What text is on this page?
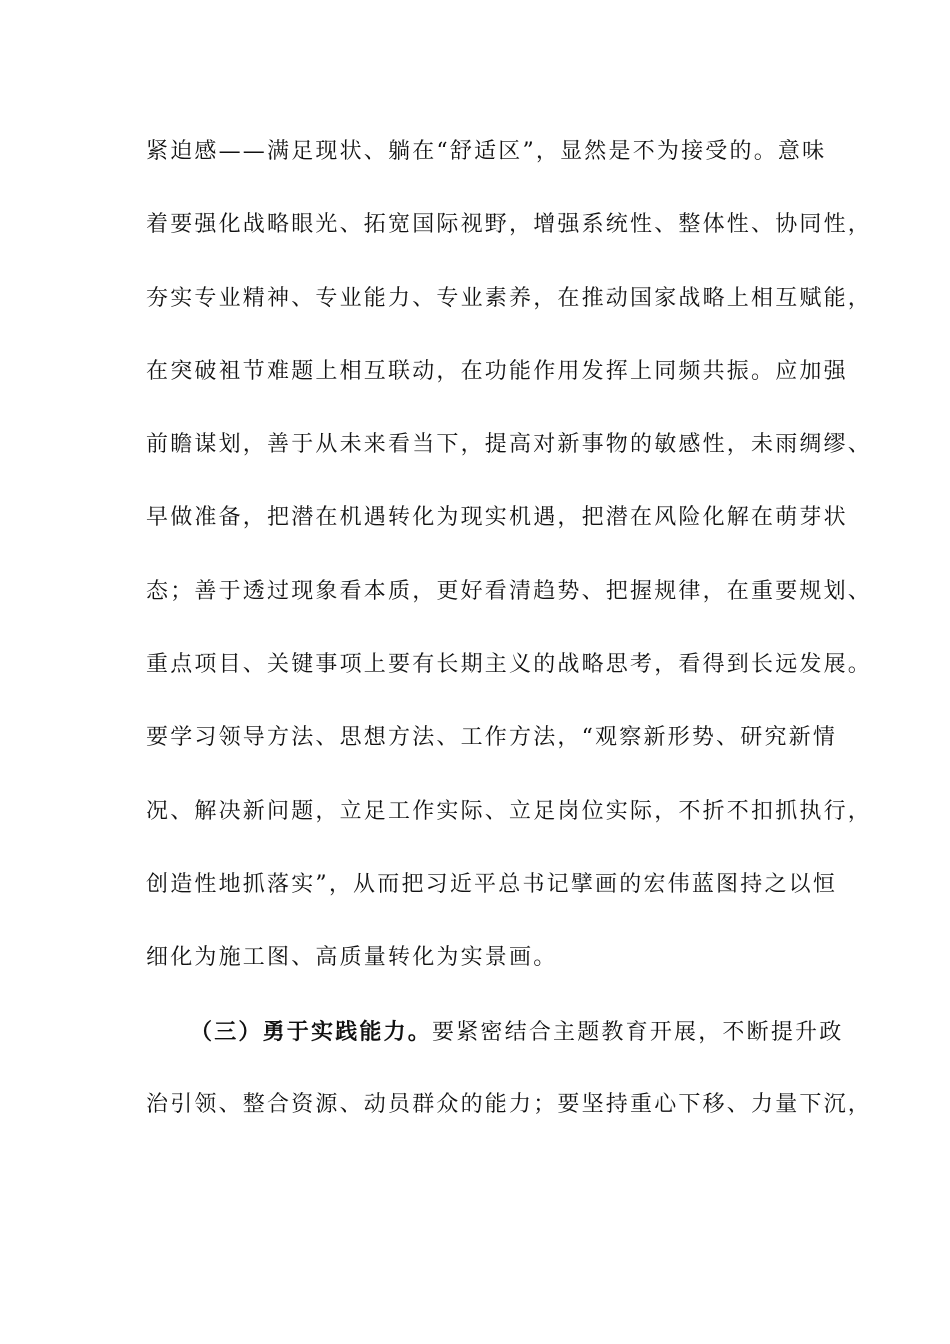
紧迫感——满足现状、躺在“舒适区”，显然是不为接受的。意味
着要强化战略眼光、拓宽国际视野，增强系统性、整体性、协同性，
夯实专业精神、专业能力、专业素养，在推动国家战略上相互赋能，
在突破袓节难题上相互联动，在功能作用发挥上同频共振。应加强
前瞻谋划，善于从未来看当下，提高对新事物的敏感性，未雨绸缪、
早做准备，把潜在机遇转化为现实机遇，把潜在风险化解在萌芽状
态；善于透过现象看本质，更好看清趋势、把握规律，在重要规划、
重点项目、关键事项上要有长期主义的战略思考，看得到长远发展。
要学习领导方法、思想方法、工作方法，“观察新形势、研究新情
况、解决新问题，立足工作实际、立足岗位实际，不折不扣抓执行，
创造性地抓落实”，从而把习近平总书记擘画的宏伟蓝图持之以恒
细化为施工图、高质量转化为实景画。
（三）勇于实践能力。要紧密结合主题教育开展，不断提升政
治引领、整合资源、动员群众的能力；要坚持重心下移、力量下沉，
